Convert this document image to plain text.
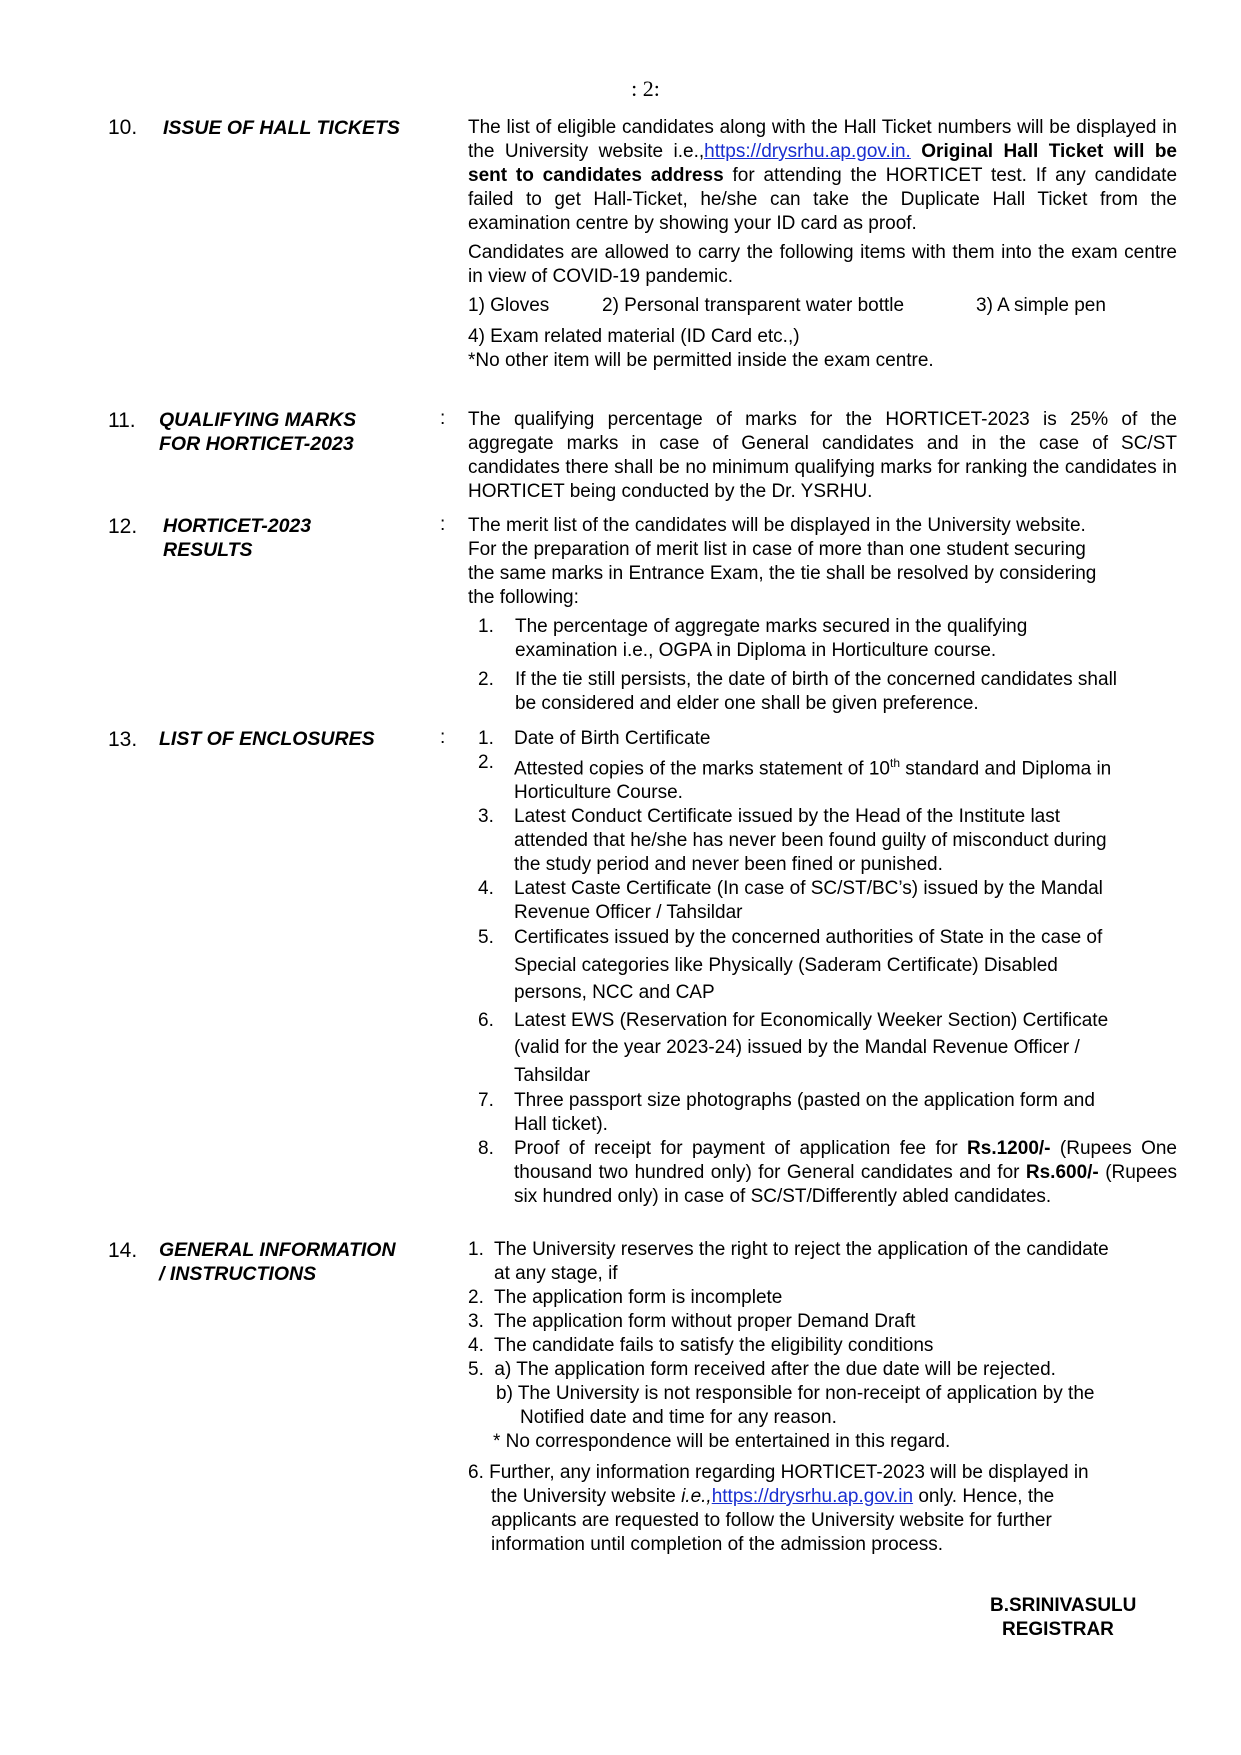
: 2:
10. ISSUE OF HALL TICKETS	The list of eligible candidates along with the Hall Ticket numbers will be displayed in the University website i.e.,https://drysrhu.ap.gov.in. Original Hall Ticket will be sent to candidates address for attending the HORTICET test. If any candidate failed to get Hall-Ticket, he/she can take the Duplicate Hall Ticket from the examination centre by showing your ID card as proof.

Candidates are allowed to carry the following items with them into the exam centre in view of COVID-19 pandemic.

1) Gloves	2) Personal transparent water bottle	3) A simple pen

4) Exam related material (ID Card etc.,)

*No other item will be permitted inside the exam centre.

11. QUALIFYING MARKS
FOR HORTICET-2023
: The qualifying percentage of marks for the HORTICET-2023 is 25% of the aggregate marks in case of General candidates and in the case of SC/ST candidates there shall be no minimum qualifying marks for ranking the candidates in HORTICET being conducted by the Dr. YSRHU.

12. HORTICET-2023
RESULTS
: The merit list of the candidates will be displayed in the University website.
For the preparation of merit list in case of more than one student securing
the same marks in Entrance Exam, the tie shall be resolved by considering
the following:
1. The percentage of aggregate marks secured in the qualifying
examination i.e., OGPA in Diploma in Horticulture course.
2. If the tie still persists, the date of birth of the concerned candidates shall
be considered and elder one shall be given preference.
13. LIST OF ENCLOSURES	: 1. Date of Birth Certificate
2. Attested copies of the marks statement of 10th standard and Diploma in
Horticulture Course.
3. Latest Conduct Certificate issued by the Head of the Institute last
attended that he/she has never been found guilty of misconduct during
the study period and never been fined or punished.
4. Latest Caste Certificate (In case of SC/ST/BC’s) issued by the Mandal
Revenue Officer / Tahsildar
5. Certificates issued by the concerned authorities of State in the case of
Special categories like Physically (Saderam Certificate) Disabled
persons, NCC and CAP
6. Latest EWS (Reservation for Economically Weeker Section) Certificate
(valid for the year 2023-24) issued by the Mandal Revenue Officer /
Tahsildar
7. Three passport size photographs (pasted on the application form and
Hall ticket).
8. Proof of receipt for payment of application fee for Rs.1200/- (Rupees One thousand two hundred only) for General candidates and for Rs.600/- (Rupees six hundred only) in case of SC/ST/Differently abled candidates.

14. GENERAL INFORMATION
/ INSTRUCTIONS
1.  The University reserves the right to reject the application of the candidate
at any stage, if
2.  The application form is incomplete
3.  The application form without proper Demand Draft
4.  The candidate fails to satisfy the eligibility conditions
5.  a) The application form received after the due date will be rejected.
b) The University is not responsible for non-receipt of application by the
Notified date and time for any reason.
* No correspondence will be entertained in this regard.
6. Further, any information regarding HORTICET-2023 will be displayed in
the University website i.e.,https://drysrhu.ap.gov.in only. Hence, the
applicants are requested to follow the University website for further
information until completion of the admission process.
B.SRINIVASULU
REGISTRAR
